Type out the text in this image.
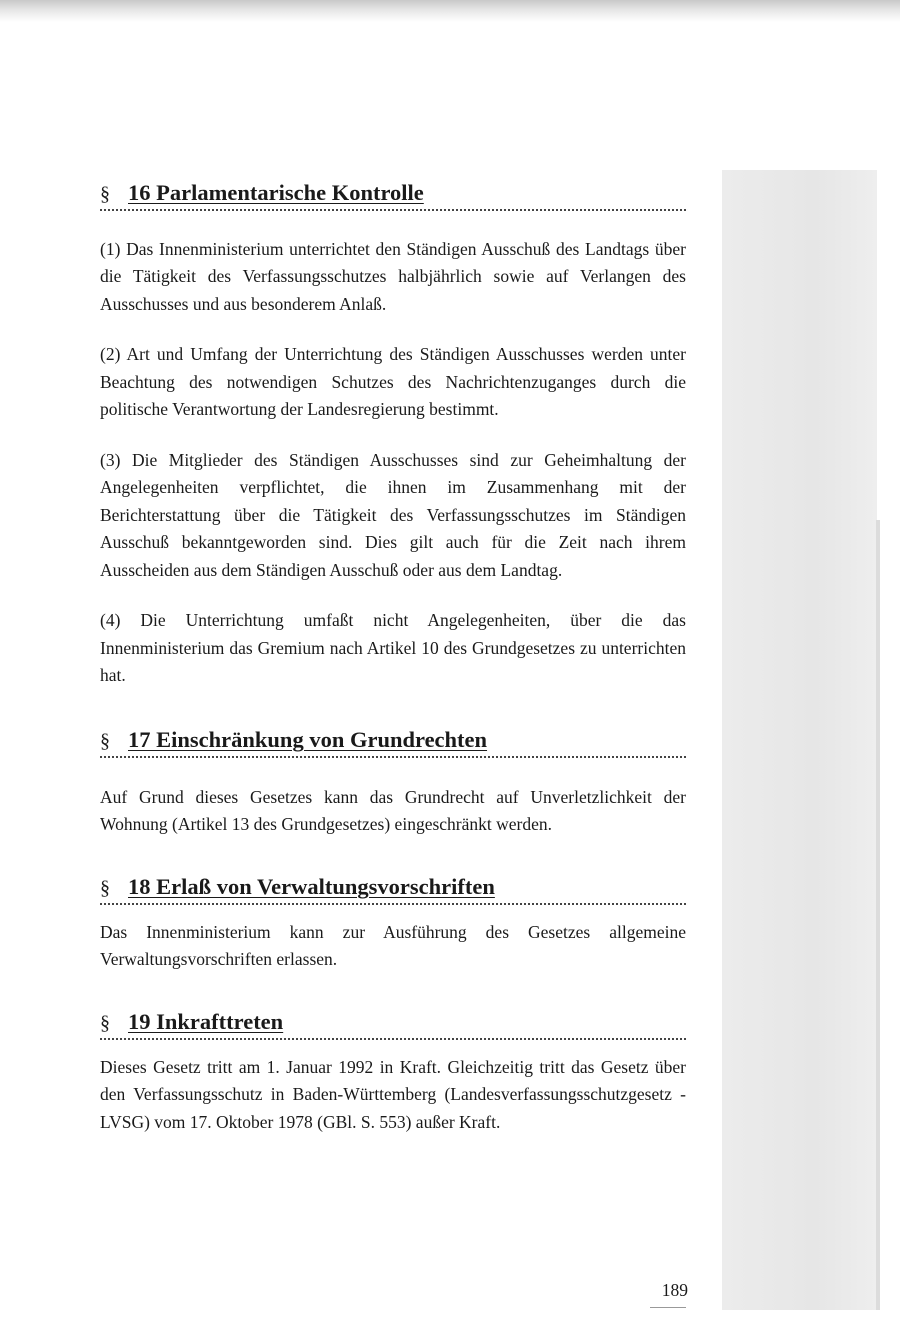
§ 16 Parlamentarische Kontrolle

(1) Das Innenministerium unterrichtet den Ständigen Ausschuß des Landtags über die Tätigkeit des Verfassungsschutzes halbjährlich sowie auf Verlangen des Ausschusses und aus besonderem Anlaß.

(2) Art und Umfang der Unterrichtung des Ständigen Ausschusses werden unter Beachtung des notwendigen Schutzes des Nachrichtenzuganges durch die politische Verantwortung der Landesregierung bestimmt.

(3) Die Mitglieder des Ständigen Ausschusses sind zur Geheimhaltung der Angelegenheiten verpflichtet, die ihnen im Zusammenhang mit der Berichterstattung über die Tätigkeit des Verfassungsschutzes im Ständigen Ausschuß bekanntgeworden sind. Dies gilt auch für die Zeit nach ihrem Ausscheiden aus dem Ständigen Ausschuß oder aus dem Landtag.

(4) Die Unterrichtung umfaßt nicht Angelegenheiten, über die das Innenministerium das Gremium nach Artikel 10 des Grundgesetzes zu unterrichten hat.

§ 17 Einschränkung von Grundrechten

Auf Grund dieses Gesetzes kann das Grundrecht auf Unverletzlichkeit der Wohnung (Artikel 13 des Grundgesetzes) eingeschränkt werden.

§ 18 Erlaß von Verwaltungsvorschriften

Das Innenministerium kann zur Ausführung des Gesetzes allgemeine Verwaltungsvorschriften erlassen.

§ 19 Inkrafttreten

Dieses Gesetz tritt am 1. Januar 1992 in Kraft. Gleichzeitig tritt das Gesetz über den Verfassungsschutz in Baden-Württemberg (Landesverfassungsschutzgesetz - LVSG) vom 17. Oktober 1978 (GBl. S. 553) außer Kraft.

189
